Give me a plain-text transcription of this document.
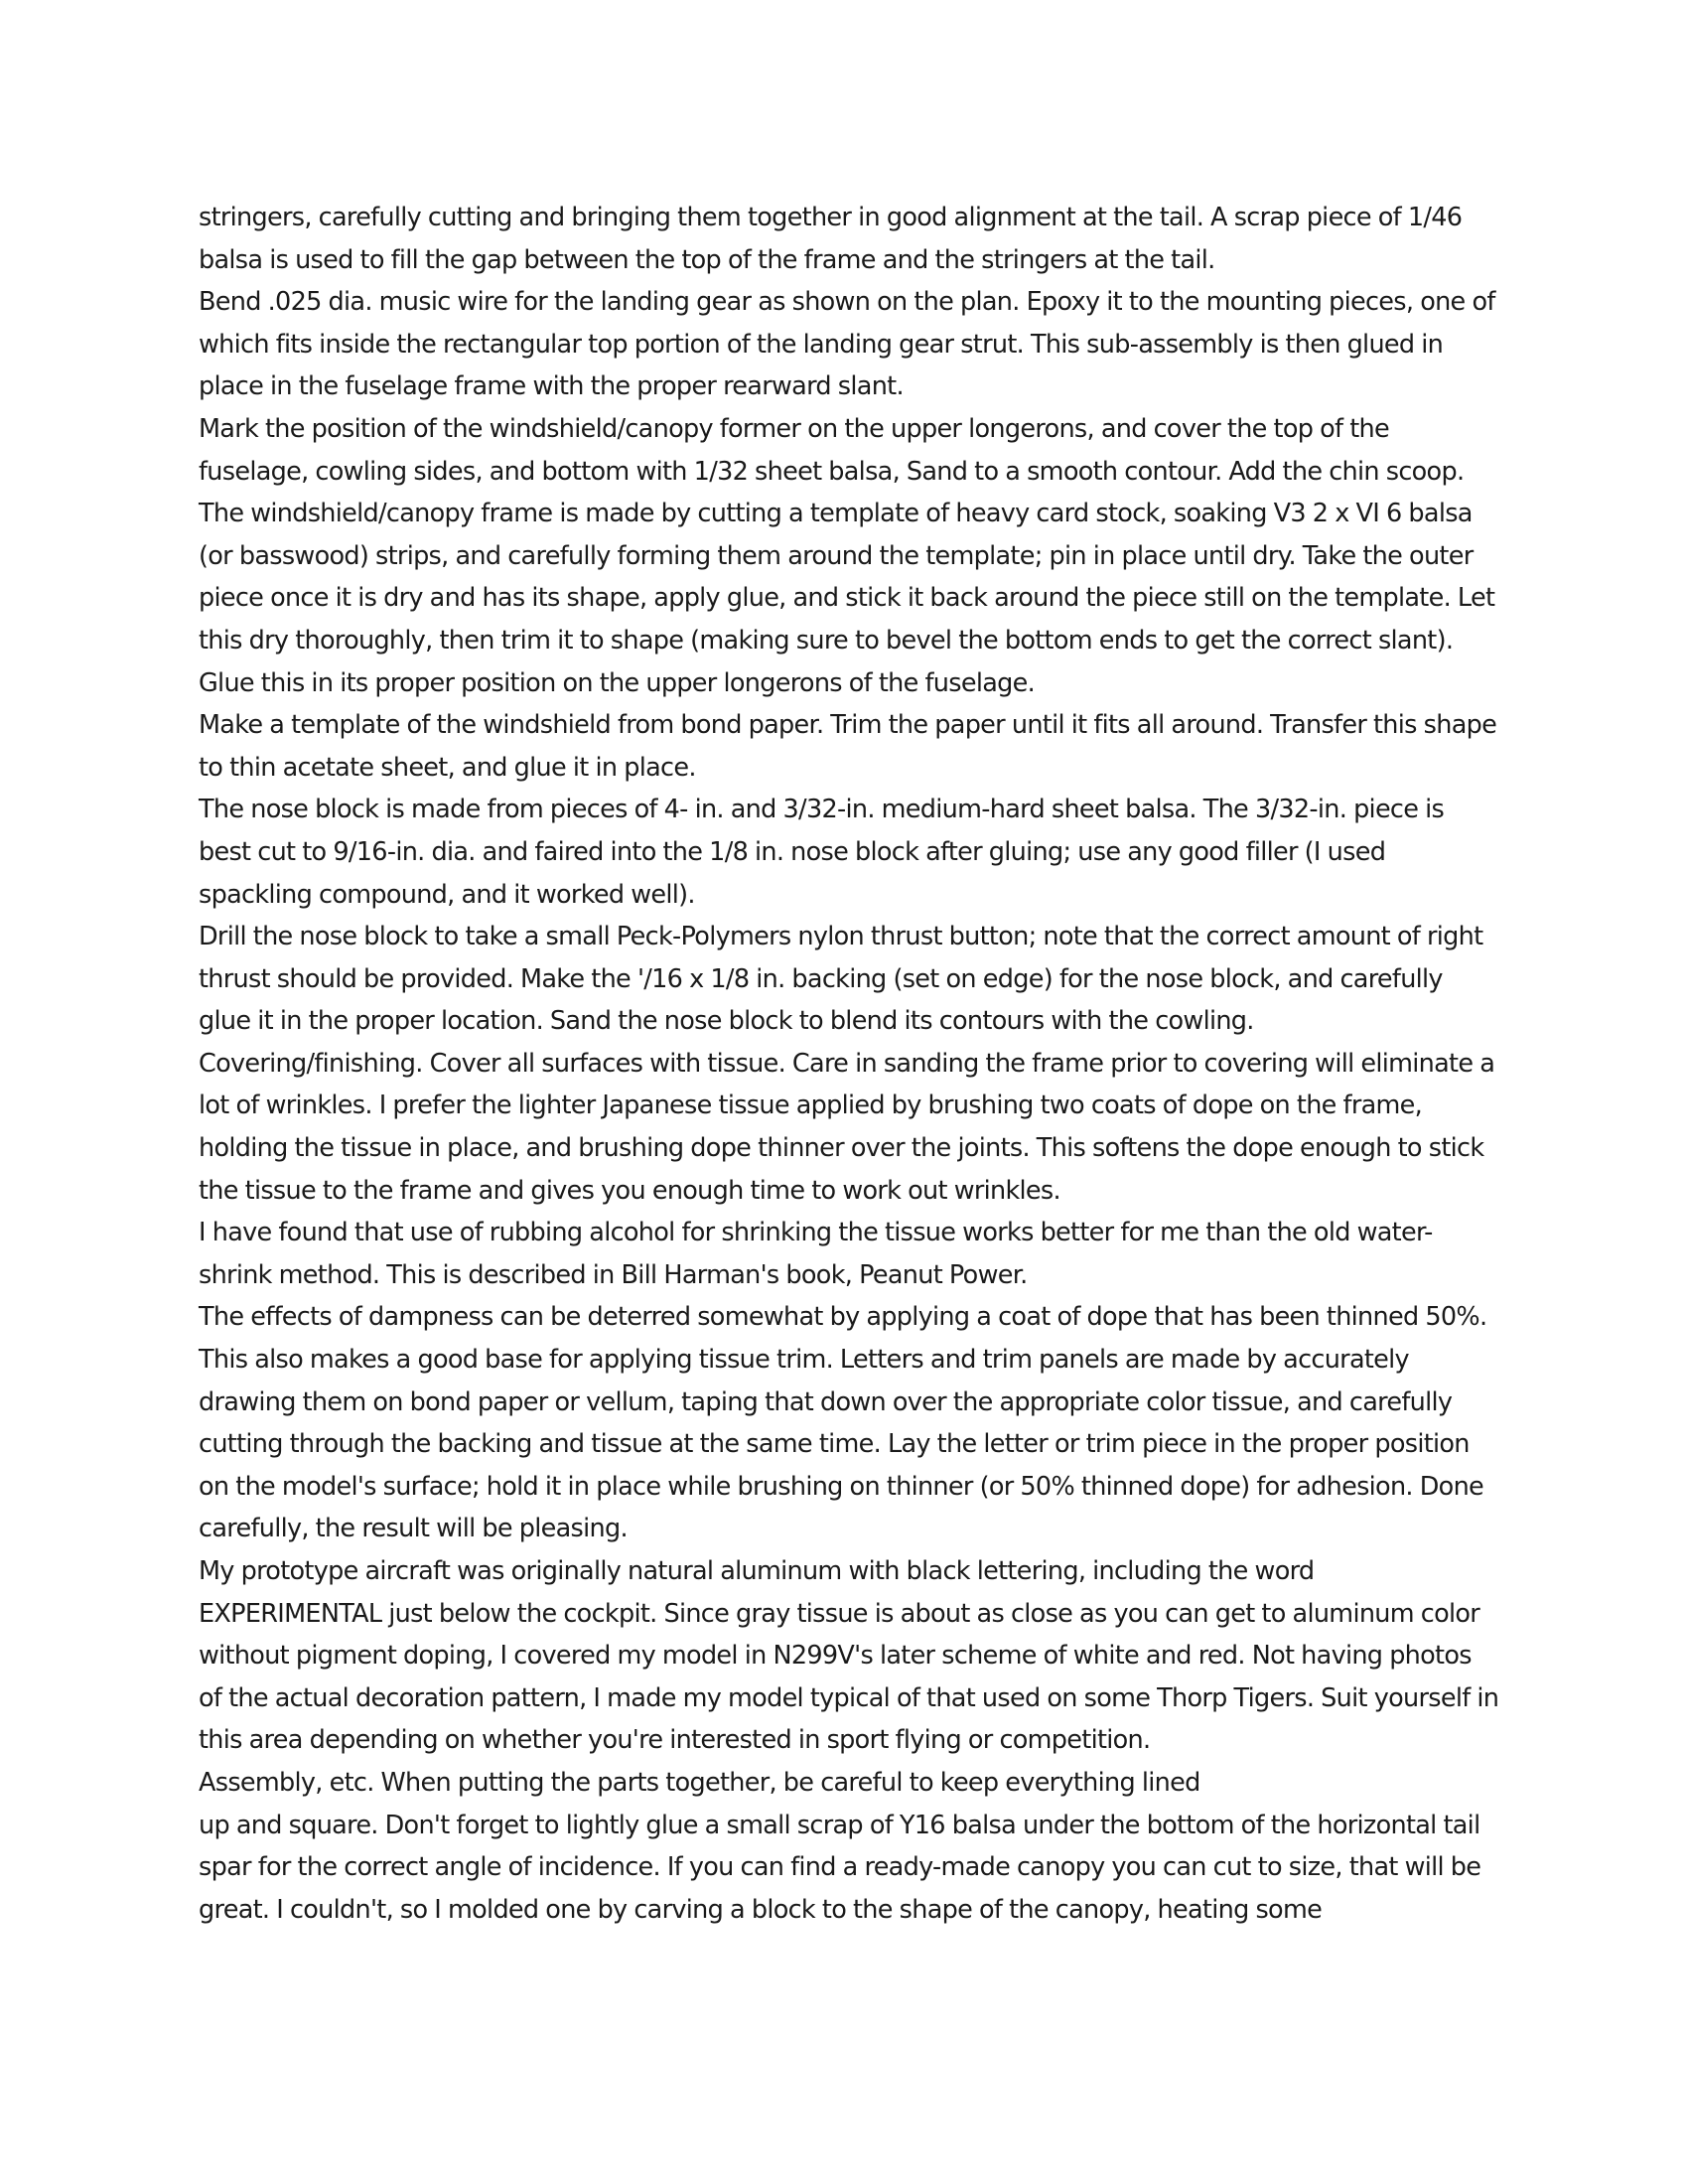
stringers, carefully cutting and bringing them together in good alignment at the tail. A scrap piece of 1/46 balsa is used to fill the gap between the top of the frame and the stringers at the tail.

Bend .025 dia. music wire for the landing gear as shown on the plan. Epoxy it to the mounting pieces, one of which fits inside the rectangular top portion of the landing gear strut. This sub-assembly is then glued in place in the fuselage frame with the proper rearward slant.

Mark the position of the windshield/canopy former on the upper longerons, and cover the top of the fuselage, cowling sides, and bottom with 1/32 sheet balsa, Sand to a smooth contour. Add the chin scoop.

The windshield/canopy frame is made by cutting a template of heavy card stock, soaking V3 2 x VI 6 balsa (or basswood) strips, and carefully forming them around the template; pin in place until dry. Take the outer piece once it is dry and has its shape, apply glue, and stick it back around the piece still on the template. Let this dry thoroughly, then trim it to shape (making sure to bevel the bottom ends to get the correct slant). Glue this in its proper position on the upper longerons of the fuselage.

Make a template of the windshield from bond paper. Trim the paper until it fits all around. Transfer this shape to thin acetate sheet, and glue it in place.

The nose block is made from pieces of 4- in. and 3/32-in. medium-hard sheet balsa. The 3/32-in. piece is best cut to 9/16-in. dia. and faired into the 1/8 in. nose block after gluing; use any good filler (I used spackling compound, and it worked well).

Drill the nose block to take a small Peck-Polymers nylon thrust button; note that the correct amount of right thrust should be provided. Make the '/16 x 1/8 in. backing (set on edge) for the nose block, and carefully glue it in the proper location. Sand the nose block to blend its contours with the cowling.

Covering/finishing. Cover all surfaces with tissue. Care in sanding the frame prior to covering will eliminate a lot of wrinkles. I prefer the lighter Japanese tissue applied by brushing two coats of dope on the frame, holding the tissue in place, and brushing dope thinner over the joints. This softens the dope enough to stick the tissue to the frame and gives you enough time to work out wrinkles.

I have found that use of rubbing alcohol for shrinking the tissue works better for me than the old water-shrink method. This is described in Bill Harman's book, Peanut Power.

The effects of dampness can be deterred somewhat by applying a coat of dope that has been thinned 50%. This also makes a good base for applying tissue trim. Letters and trim panels are made by accurately drawing them on bond paper or vellum, taping that down over the appropriate color tissue, and carefully cutting through the backing and tissue at the same time. Lay the letter or trim piece in the proper position on the model's surface; hold it in place while brushing on thinner (or 50% thinned dope) for adhesion. Done carefully, the result will be pleasing.

My prototype aircraft was originally natural aluminum with black lettering, including the word EXPERIMENTAL just below the cockpit. Since gray tissue is about as close as you can get to aluminum color without pigment doping, I covered my model in N299V's later scheme of white and red. Not having photos of the actual decoration pattern, I made my model typical of that used on some Thorp Tigers. Suit yourself in this area depending on whether you're interested in sport flying or competition.

Assembly, etc. When putting the parts together, be careful to keep everything lined

up and square. Don't forget to lightly glue a small scrap of Y16 balsa under the bottom of the horizontal tail spar for the correct angle of incidence. If you can find a ready-made canopy you can cut to size, that will be great. I couldn't, so I molded one by carving a block to the shape of the canopy, heating some
